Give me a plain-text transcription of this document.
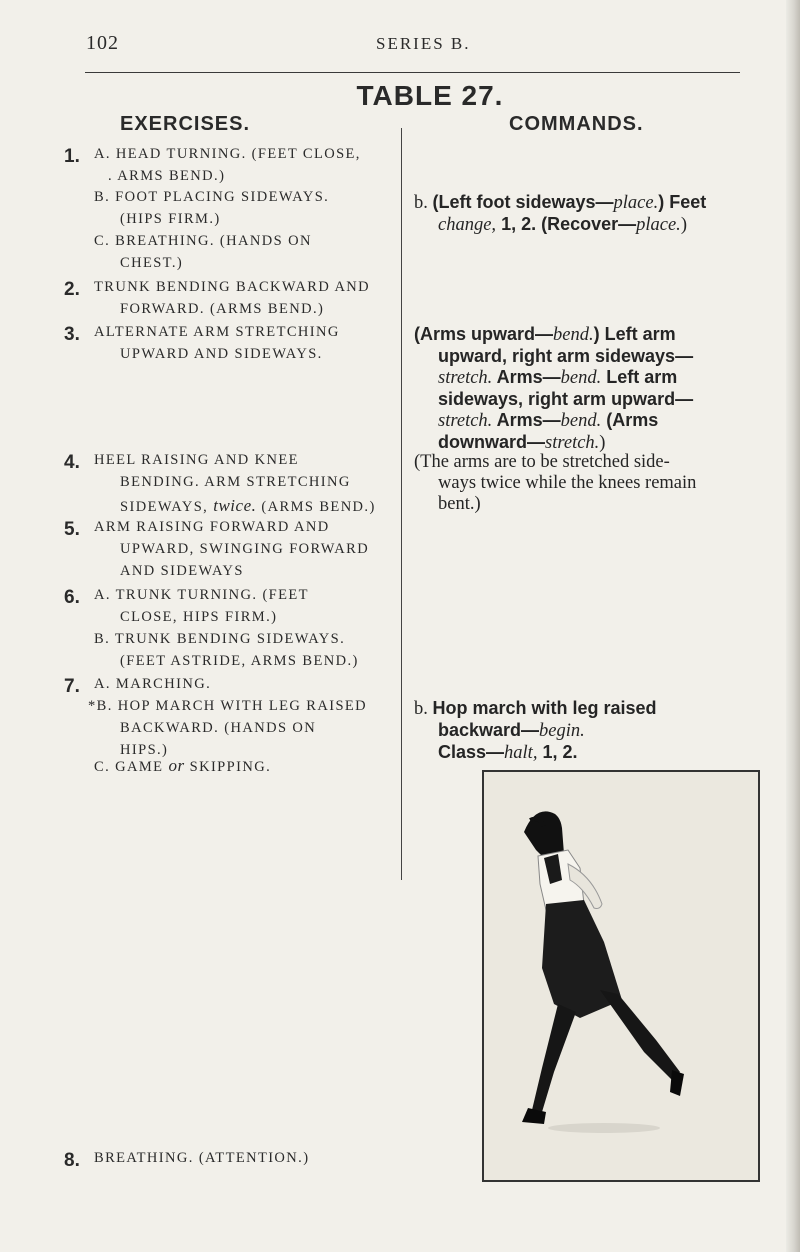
102	SERIES B.
TABLE 27.
EXERCISES.	COMMANDS.
1. A. HEAD TURNING. (FEET CLOSE,
. ARMS BEND.)
B. FOOT PLACING SIDEWAYS.
(HIPS FIRM.)
C. BREATHING. (HANDS ON
CHEST.)
2. TRUNK BENDING BACKWARD AND
FORWARD. (ARMS BEND.)
3. ALTERNATE ARM STRETCHING
UPWARD AND SIDEWAYS.
4. HEEL RAISING AND KNEE
BENDING. ARM STRETCHING
SIDEWAYS, twice. (ARMS BEND.)
5. ARM RAISING FORWARD AND
UPWARD, SWINGING FORWARD
AND SIDEWAYS
6. A. TRUNK TURNING. (FEET
CLOSE, HIPS FIRM.)
B. TRUNK BENDING SIDEWAYS.
(FEET ASTRIDE, ARMS BEND.)
7. A. MARCHING.
*B. HOP MARCH WITH LEG RAISED
BACKWARD. (HANDS ON
HIPS.)
C. GAME or SKIPPING.
8. BREATHING. (ATTENTION.)
b. (Left foot sideways—place.) Feet
change, 1, 2. (Recover—place.)
(Arms upward—bend.) Left arm
upward, right arm sideways—
stretch. Arms—bend. Left arm
sideways, right arm upward—
stretch. Arms—bend. (Arms
downward—stretch.)
(The arms are to be stretched side-
ways twice while the knees remain
bent.)
b. Hop march with leg raised
backward—begin.
Class—halt, 1, 2.
